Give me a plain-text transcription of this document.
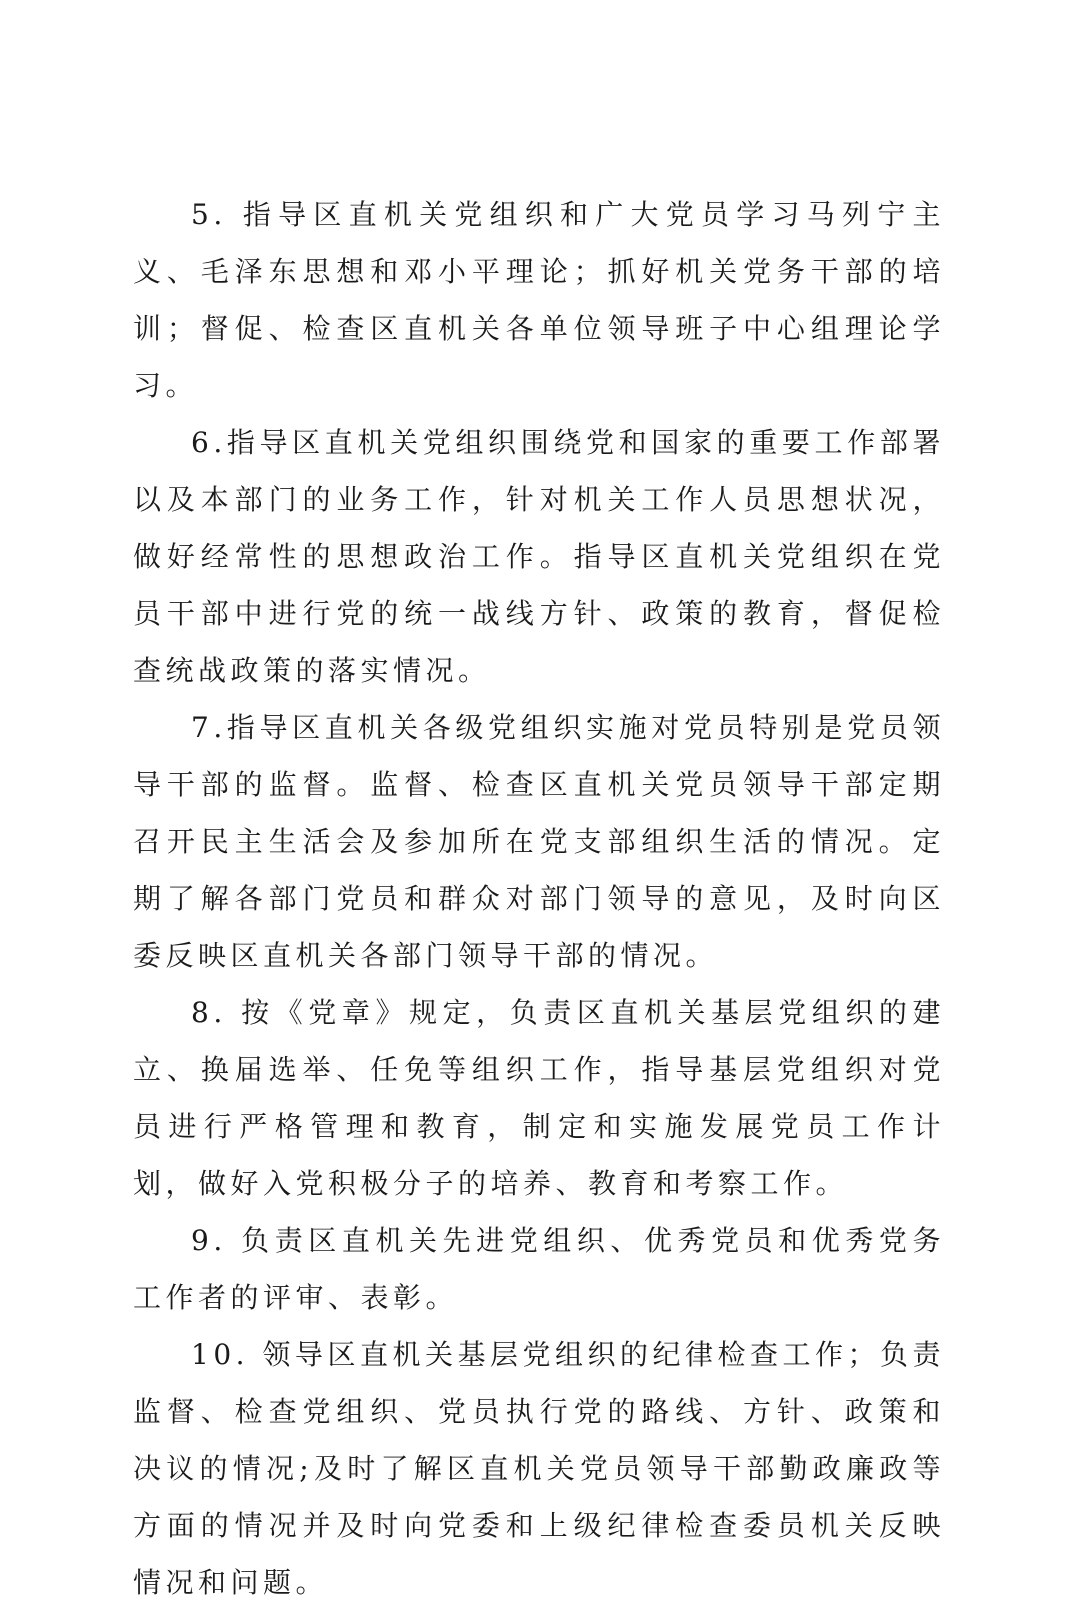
5. 指导区直机关党组织和广大党员学习马列宁主义、毛泽东思想和邓小平理论；抓好机关党务干部的培训；督促、检查区直机关各单位领导班子中心组理论学习。

6.指导区直机关党组织围绕党和国家的重要工作部署以及本部门的业务工作，针对机关工作人员思想状况，做好经常性的思想政治工作。指导区直机关党组织在党员干部中进行党的统一战线方针、政策的教育，督促检查统战政策的落实情况。

7.指导区直机关各级党组织实施对党员特别是党员领导干部的监督。监督、检查区直机关党员领导干部定期召开民主生活会及参加所在党支部组织生活的情况。定期了解各部门党员和群众对部门领导的意见，及时向区委反映区直机关各部门领导干部的情况。

8. 按《党章》规定，负责区直机关基层党组织的建立、换届选举、任免等组织工作，指导基层党组织对党员进行严格管理和教育，制定和实施发展党员工作计划，做好入党积极分子的培养、教育和考察工作。

9. 负责区直机关先进党组织、优秀党员和优秀党务工作者的评审、表彰。

10. 领导区直机关基层党组织的纪律检查工作；负责监督、检查党组织、党员执行党的路线、方针、政策和决议的情况;及时了解区直机关党员领导干部勤政廉政等方面的情况并及时向党委和上级纪律检查委员机关反映情况和问题。
